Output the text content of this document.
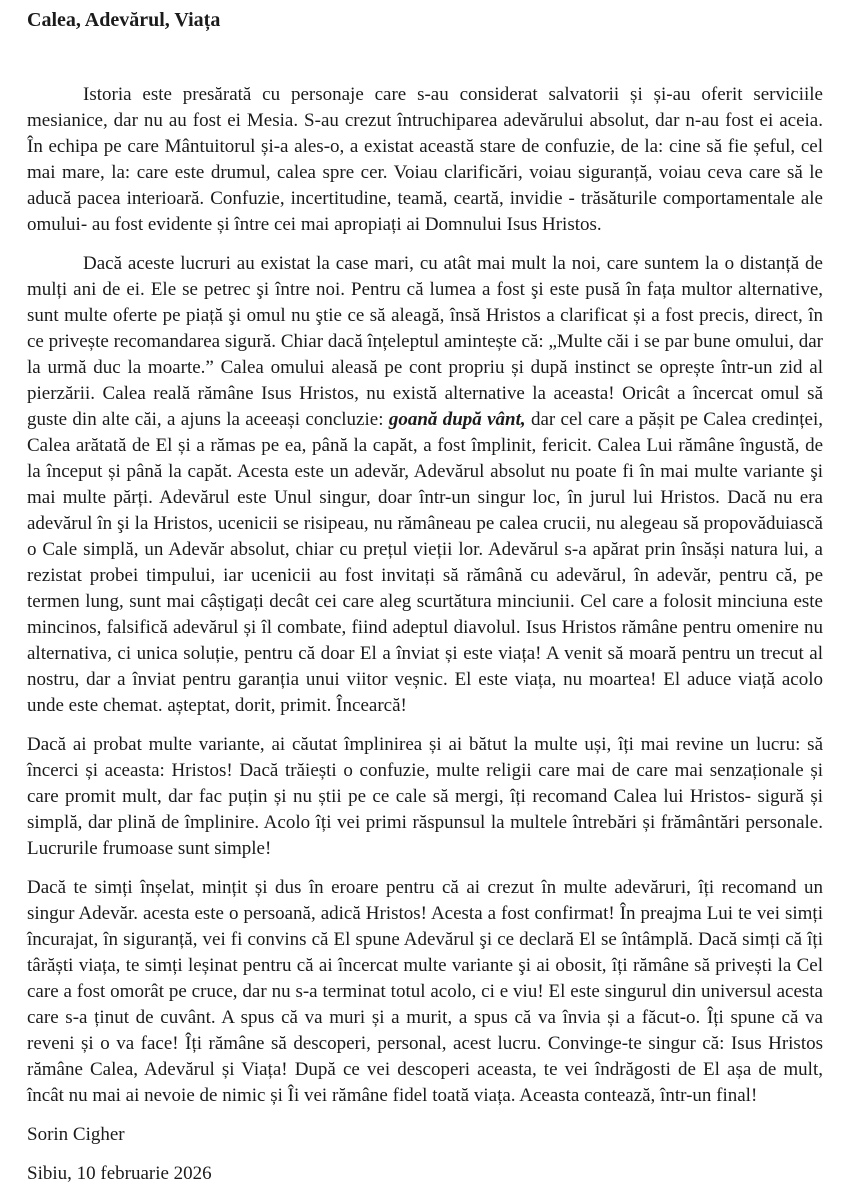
Calea, Adevărul, Viața

Istoria este presărată cu personaje care s-au considerat salvatorii și și-au oferit serviciile mesianice, dar nu au fost ei Mesia. S-au crezut întruchiparea adevărului absolut, dar n-au fost ei aceia. În echipa pe care Mântuitorul și-a ales-o, a existat această stare de confuzie, de la: cine să fie șeful, cel mai mare, la: care este drumul, calea spre cer. Voiau clarificări, voiau siguranță, voiau ceva care să le aducă pacea interioară. Confuzie, incertitudine, teamă, ceartă, invidie - trăsăturile comportamentale ale omului- au fost evidente și între cei mai apropiați ai Domnului Isus Hristos.

Dacă aceste lucruri au existat la case mari, cu atât mai mult la noi, care suntem la o distanță de mulți ani de ei. Ele se petrec şi între noi. Pentru că lumea a fost şi este pusă în fața multor alternative, sunt multe oferte pe piață şi omul nu ştie ce să aleagă, însă Hristos a clarificat și a fost precis, direct, în ce privește recomandarea sigură. Chiar dacă înțeleptul amintește că: „Multe căi i se par bune omului, dar la urmă duc la moarte.” Calea omului aleasă pe cont propriu și după instinct se oprește într-un zid al pierzării. Calea reală rămâne Isus Hristos, nu există alternative la aceasta! Oricât a încercat omul să guste din alte căi, a ajuns la aceeași concluzie: goană după vânt, dar cel care a pășit pe Calea credinței, Calea arătată de El și a rămas pe ea, până la capăt, a fost împlinit, fericit. Calea Lui rămâne îngustă, de la început și până la capăt. Acesta este un adevăr, Adevărul absolut nu poate fi în mai multe variante şi mai multe părți. Adevărul este Unul singur, doar într-un singur loc, în jurul lui Hristos. Dacă nu era adevărul în şi la Hristos, ucenicii se risipeau, nu rămâneau pe calea crucii, nu alegeau să propovăduiască o Cale simplă, un Adevăr absolut, chiar cu prețul vieții lor. Adevărul s-a apărat prin însăși natura lui, a rezistat probei timpului, iar ucenicii au fost invitați să rămână cu adevărul, în adevăr, pentru că, pe termen lung, sunt mai câștigați decât cei care aleg scurtătura minciunii. Cel care a folosit minciuna este mincinos, falsifică adevărul și îl combate, fiind adeptul diavolul. Isus Hristos rămâne pentru omenire nu alternativa, ci unica soluție, pentru că doar El a înviat și este viața! A venit să moară pentru un trecut al nostru, dar a înviat pentru garanția unui viitor veșnic. El este viața, nu moartea! El aduce viață acolo unde este chemat. așteptat, dorit, primit. Încearcă!

Dacă ai probat multe variante, ai căutat împlinirea și ai bătut la multe uși, îți mai revine un lucru: să încerci și aceasta: Hristos! Dacă trăiești o confuzie, multe religii care mai de care mai senzaționale și care promit mult, dar fac puțin și nu știi pe ce cale să mergi, îți recomand Calea lui Hristos- sigură și simplă, dar plină de împlinire. Acolo îți vei primi răspunsul la multele întrebări și frământări personale. Lucrurile frumoase sunt simple!

Dacă te simți înșelat, mințit și dus în eroare pentru că ai crezut în multe adevăruri, îți recomand un singur Adevăr. acesta este o persoană, adică Hristos! Acesta a fost confirmat! În preajma Lui te vei simți încurajat, în siguranță, vei fi convins că El spune Adevărul şi ce declară El se întâmplă. Dacă simți că îți târăști viața, te simți leșinat pentru că ai încercat multe variante şi ai obosit, îți rămâne să privești la Cel care a fost omorât pe cruce, dar nu s-a terminat totul acolo, ci e viu! El este singurul din universul acesta care s-a ținut de cuvânt. A spus că va muri și a murit, a spus că va învia și a făcut-o. Îți spune că va reveni și o va face! Îți rămâne să descoperi, personal, acest lucru. Convinge-te singur că: Isus Hristos rămâne Calea, Adevărul și Viața! După ce vei descoperi aceasta, te vei îndrăgosti de El așa de mult, încât nu mai ai nevoie de nimic și Îi vei rămâne fidel toată viața. Aceasta contează, într-un final!

Sorin Cigher

Sibiu, 10 februarie 2026
